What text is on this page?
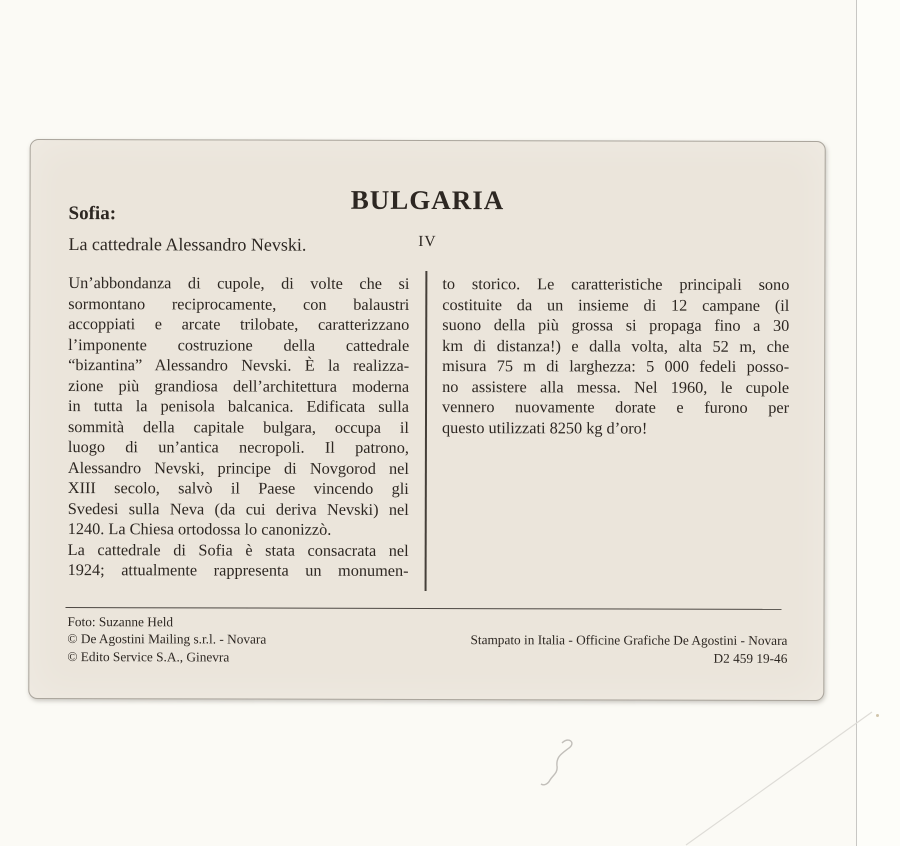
BULGARIA
IV
Sofia:
La cattedrale Alessandro Nevski.
Un’abbondanza di cupole, di volte che si
sormontano reciprocamente, con balaustri
accoppiati e arcate trilobate, caratterizzano
l’imponente costruzione della cattedrale
“bizantina” Alessandro Nevski. È la realizza-
zione più grandiosa dell’architettura moderna
in tutta la penisola balcanica. Edificata sulla
sommità della capitale bulgara, occupa il
luogo di un’antica necropoli. Il patrono,
Alessandro Nevski, principe di Novgorod nel
XIII secolo, salvò il Paese vincendo gli
Svedesi sulla Neva (da cui deriva Nevski) nel
1240. La Chiesa ortodossa lo canonizzò.
La cattedrale di Sofia è stata consacrata nel
1924; attualmente rappresenta un monumen-
to storico. Le caratteristiche principali sono
costituite da un insieme di 12 campane (il
suono della più grossa si propaga fino a 30
km di distanza!) e dalla volta, alta 52 m, che
misura 75 m di larghezza: 5 000 fedeli posso-
no assistere alla messa. Nel 1960, le cupole
vennero nuovamente dorate e furono per
questo utilizzati 8250 kg d’oro!
Foto: Suzanne Held
© De Agostini Mailing s.r.l. - Novara
© Edito Service S.A., Ginevra
Stampato in Italia - Officine Grafiche De Agostini - Novara
D2 459 19-46
